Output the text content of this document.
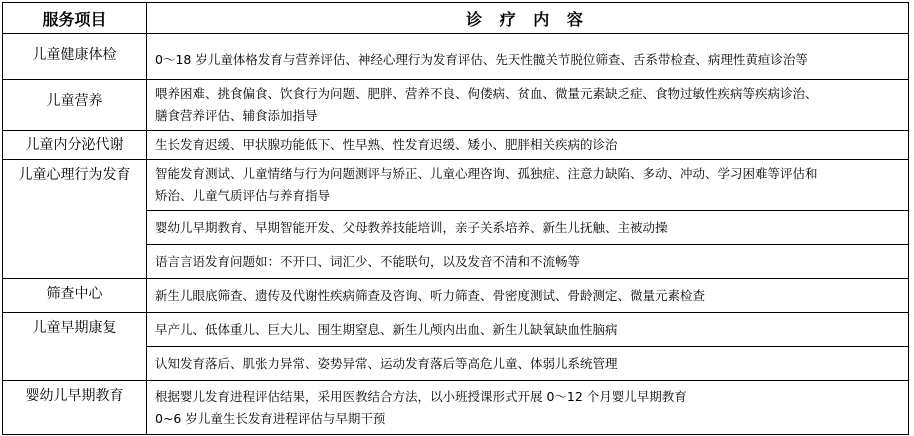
服务项目	诊 疗 内 容
儿童健康体检	0～18 岁儿童体格发育与营养评估、神经心理行为发育评估、先天性髋关节脱位筛查、舌系带检查、病理性黄疸诊治等

儿童营养	喂养困难、挑食偏食、饮食行为问题、肥胖、营养不良、佝偻病、贫血、微量元素缺乏症、食物过敏性疾病等疾病诊治、
膳食营养评估、辅食添加指导

儿童内分泌代谢	生长发育迟缓、甲状腺功能低下、性早熟、性发育迟缓、矮小、肥胖相关疾病的诊治

儿童心理行为发育	智能发育测试、儿童情绪与行为问题测评与矫正、儿童心理咨询、孤独症、注意力缺陷、多动、冲动、学习困难等评估和
矫治、儿童气质评估与养育指导

	婴幼儿早期教育、早期智能开发、父母教养技能培训，亲子关系培养、新生儿抚触、主被动操

	语言言语发育问题如：不开口、词汇少、不能联句，以及发音不清和不流畅等

筛查中心	新生儿眼底筛查、遗传及代谢性疾病筛查及咨询、听力筛查、骨密度测试、骨龄测定、微量元素检查

儿童早期康复	早产儿、低体重儿、巨大儿、围生期窒息、新生儿颅内出血、新生儿缺氧缺血性脑病

	认知发育落后、肌张力异常、姿势异常、运动发育落后等高危儿童、体弱儿系统管理

婴幼儿早期教育	根据婴儿发育进程评估结果，采用医教结合方法，以小班授课形式开展 0～12 个月婴儿早期教育
0~6 岁儿童生长发育进程评估与早期干预
